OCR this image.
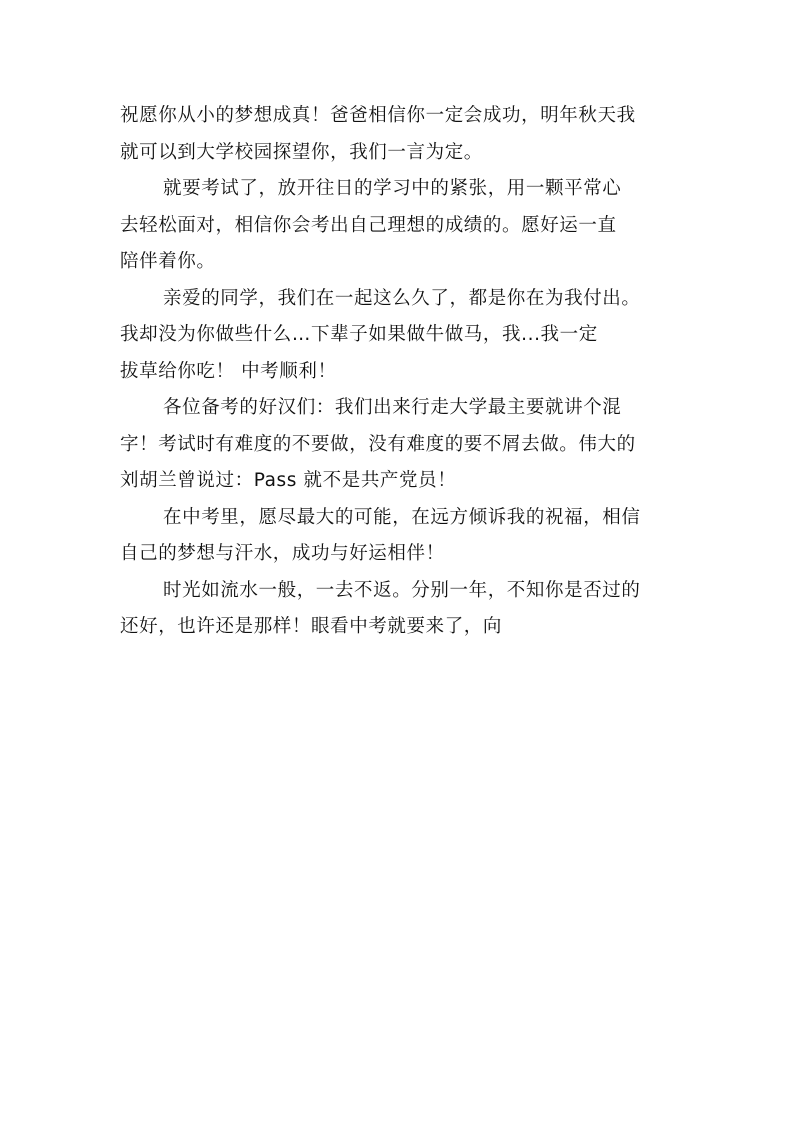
祝愿你从小的梦想成真！爸爸相信你一定会成功，明年秋天我
就可以到大学校园探望你，我们一言为定。
就要考试了，放开往日的学习中的紧张，用一颗平常心
去轻松面对，相信你会考出自己理想的成绩的。愿好运一直
陪伴着你。
亲爱的同学，我们在一起这么久了，都是你在为我付出。
我却没为你做些什么…下辈子如果做牛做马，我...我一定
拔草给你吃！ 中考顺利！
各位备考的好汉们：我们出来行走大学最主要就讲个混
字！考试时有难度的不要做，没有难度的要不屑去做。伟大的
刘胡兰曾说过：Pass 就不是共产党员！
在中考里，愿尽最大的可能，在远方倾诉我的祝福，相信
自己的梦想与汗水，成功与好运相伴！
时光如流水一般，一去不返。分别一年，不知你是否过的
还好，也许还是那样！眼看中考就要来了，向
